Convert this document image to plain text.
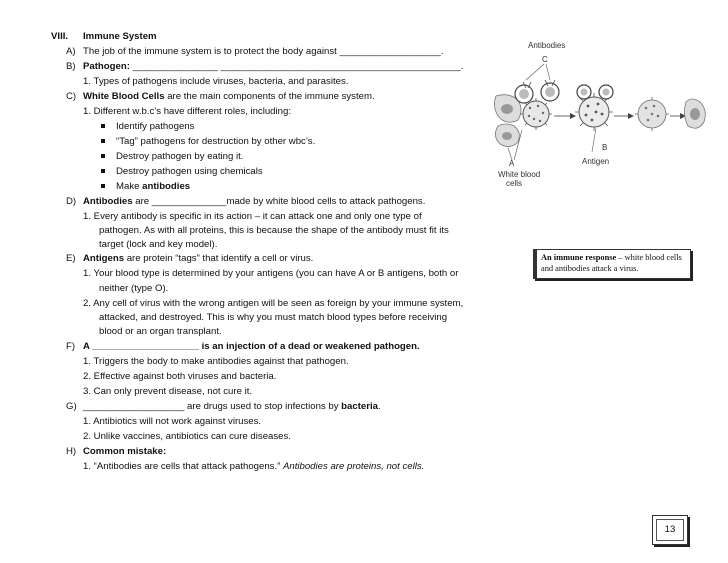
VIII. Immune System
A) The job of the immune system is to protect the body against ___________________.
B) Pathogen: ________________ _____________________________________________.
1. Types of pathogens include viruses, bacteria, and parasites.
C) White Blood Cells are the main components of the immune system.
1. Different w.b.c’s have different roles, including:
Identify pathogens
“Tag” pathogens for destruction by other wbc’s.
Destroy pathogen by eating it.
Destroy pathogen using chemicals
Make antibodies
D) Antibodies are ______________made by white blood cells to attack pathogens.
1. Every antibody is specific in its action – it can attack one and only one type of
pathogen. As with all proteins, this is because the shape of the antibody must fit its
target (lock and key model).
E) Antigens are protein “tags” that identify a cell or virus.
1. Your blood type is determined by your antigens (you can have A or B antigens, both or
neither (type O).
2. Any cell of virus with the wrong antigen will be seen as foreign by your immune system,
attacked, and destroyed. This is why you must match blood types before receiving
blood or an organ transplant.
F) A ____________________ is an injection of a dead or weakened pathogen.
1. Triggers the body to make antibodies against that pathogen.
2. Effective against both viruses and bacteria.
3. Can only prevent disease, not cure it.
G) ___________________ are drugs used to stop infections by bacteria.
1. Antibiotics will not work against viruses.
2. Unlike vaccines, antibiotics can cure diseases.
H) Common mistake:
1. “Antibodies are cells that attack pathogens.” Antibodies are proteins, not cells.
Antibodies
C
A
White blood
cells
B
Antigen
An immune response – white blood cells and antibodies attack a virus.
13
